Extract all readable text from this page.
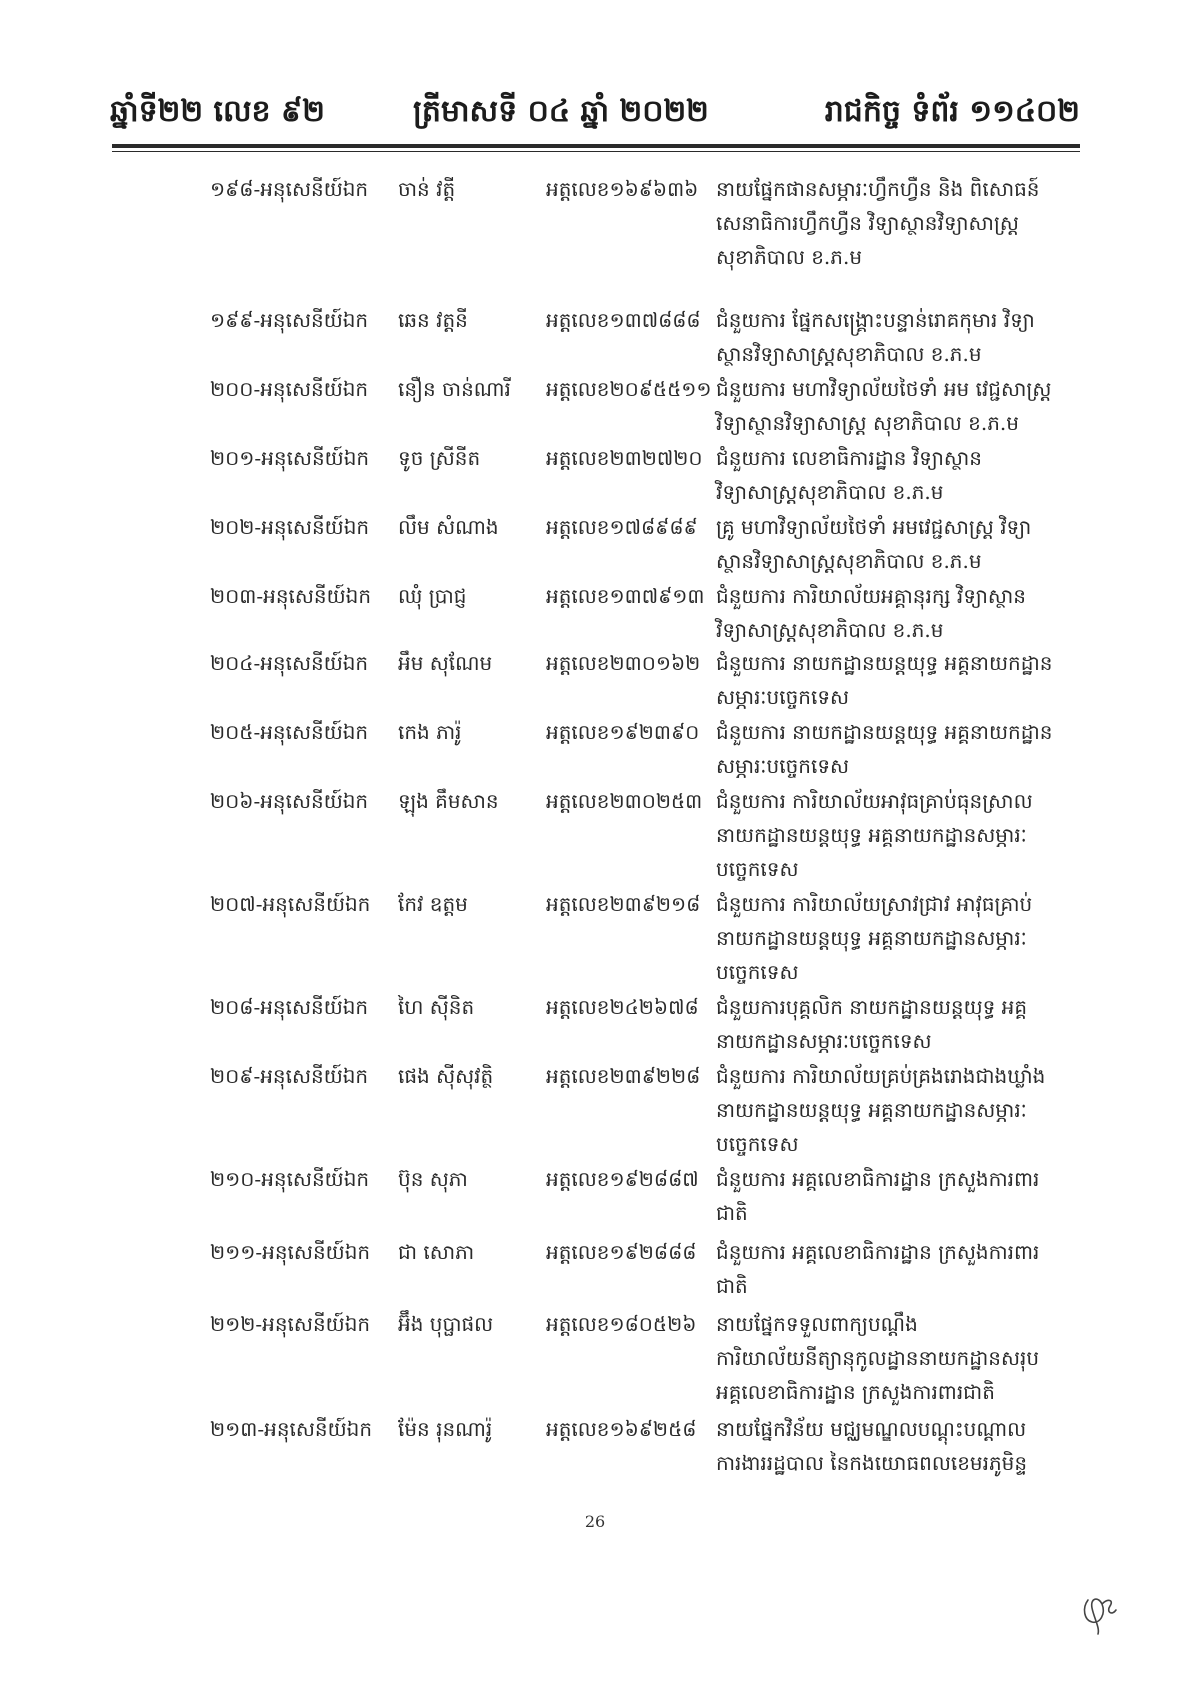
ឆ្នាំទី២២ លេខ ៩២	ត្រីមាសទី ០៤ ឆ្នាំ ២០២២	រាជកិច្ច ទំព័រ ១១៤០២
១៩៨-អនុសេនីយ៍ឯក	ចាន់ វត្តី	អត្តលេខ១៦៩៦៣៦ នាយផ្នែកផានសម្ភារៈហ្វឹកហ្វឺន និង ពិសោធន៍ សេនាធិការហ្វឹកហ្វឺន វិទ្យាស្ថានវិទ្យាសាស្ត្រសុខាភិបាល ខ.ភ.ម
១៩៩-អនុសេនីយ៍ឯក	ឆេន វត្តនី	អត្តលេខ១៣៧៨៨៨ ជំនួយការ ផ្នែកសង្គ្រោះបន្ទាន់រោគកុមារ វិទ្យាស្ថានវិទ្យាសាស្ត្រសុខាភិបាល ខ.ភ.ម
២០០-អនុសេនីយ៍ឯក	នឿន ចាន់ណារី	អត្តលេខ២០៩៥៥១១ ជំនួយការ មហាវិទ្យាល័យថៃទាំ អម វេជ្ជសាស្ត្រ វិទ្យាស្ថានវិទ្យាសាស្ត្រ សុខាភិបាល ខ.ភ.ម
២០១-អនុសេនីយ៍ឯក	ទូច ស្រីនីត	អត្តលេខ២៣២៧២០ ជំនួយការ លេខាធិការដ្ឋាន វិទ្យាស្ថាន វិទ្យាសាស្ត្រសុខាភិបាល ខ.ភ.ម
២០២-អនុសេនីយ៍ឯក	លឹម សំណាង	អត្តលេខ១៧៨៩៨៩ គ្រូ មហាវិទ្យាល័យថៃទាំ អមវេជ្ជសាស្ត្រ វិទ្យាស្ថានវិទ្យាសាស្ត្រសុខាភិបាល ខ.ភ.ម
២០៣-អនុសេនីយ៍ឯក	ឈុំ ប្រាជ្ញ	អត្តលេខ១៣៧៩១៣ ជំនួយការ ការិយាល័យអគ្គានុរក្ស វិទ្យាស្ថានវិទ្យាសាស្ត្រសុខាភិបាល ខ.ភ.ម
២០៤-អនុសេនីយ៍ឯក	អឹម សុណែម	អត្តលេខ២៣០១៦២ ជំនួយការ នាយកដ្ឋានយន្តយុទ្ធ អគ្គនាយកដ្ឋានសម្ភារៈបច្ចេកទេស
២០៥-អនុសេនីយ៍ឯក	កេង ភារ៉ូ	អត្តលេខ១៩២៣៩០ ជំនួយការ នាយកដ្ឋានយន្តយុទ្ធ អគ្គនាយកដ្ឋានសម្ភារៈបច្ចេកទេស
២០៦-អនុសេនីយ៍ឯក	ឡុង គឹមសាន	អត្តលេខ២៣០២៥៣ ជំនួយការ ការិយាល័យអាវុធគ្រាប់ធុនស្រាល នាយកដ្ឋានយន្តយុទ្ធ អគ្គនាយកដ្ឋានសម្ភារៈបច្ចេកទេស
២០៧-អនុសេនីយ៍ឯក	កែវ ឧត្តម	អត្តលេខ២៣៩២១៨ ជំនួយការ ការិយាល័យស្រាវជ្រាវ អាវុធគ្រាប់ នាយកដ្ឋានយន្តយុទ្ធ អគ្គនាយកដ្ឋានសម្ភារៈបច្ចេកទេស
២០៨-អនុសេនីយ៍ឯក	ហៃ ស៊ីនិត	អត្តលេខ២៤២៦៧៨ ជំនួយការបុគ្គលិក នាយកដ្ឋានយន្តយុទ្ធ អគ្គនាយកដ្ឋានសម្ភារៈបច្ចេកទេស
២០៩-អនុសេនីយ៍ឯក	ផេង ស៊ីសុវត្ថិ	អត្តលេខ២៣៩២២៨ ជំនួយការ ការិយាល័យគ្រប់គ្រងរោងជាងឃ្លាំង នាយកដ្ឋានយន្តយុទ្ធ អគ្គនាយកដ្ឋានសម្ភារៈបច្ចេកទេស
២១០-អនុសេនីយ៍ឯក	ប៊ុន សុភា	អត្តលេខ១៩២៨៨៧ ជំនួយការ អគ្គលេខាធិការដ្ឋាន ក្រសួងការពារជាតិ
២១១-អនុសេនីយ៍ឯក	ជា សោភា	អត្តលេខ១៩២៨៨៨ ជំនួយការ អគ្គលេខាធិការដ្ឋាន ក្រសួងការពារជាតិ
២១២-អនុសេនីយ៍ឯក	អ៊ឹង បុប្ផាផល	អត្តលេខ១៨០៥២៦ នាយផ្នែកទទួលពាក្យបណ្តឹង ការិយាល័យនីត្យានុកូលដ្ឋាននាយកដ្ឋានសរុប អគ្គលេខាធិការដ្ឋាន ក្រសួងការពារជាតិ
២១៣-អនុសេនីយ៍ឯក	ម៉ែន រុនណារ៉ូ	អត្តលេខ១៦៩២៥៨ នាយផ្នែកវិន័យ មជ្ឈមណ្ឌលបណ្តុះបណ្តាលការងាររដ្ឋបាល នៃកងយោធពលខេមរភូមិន្ទ
26
